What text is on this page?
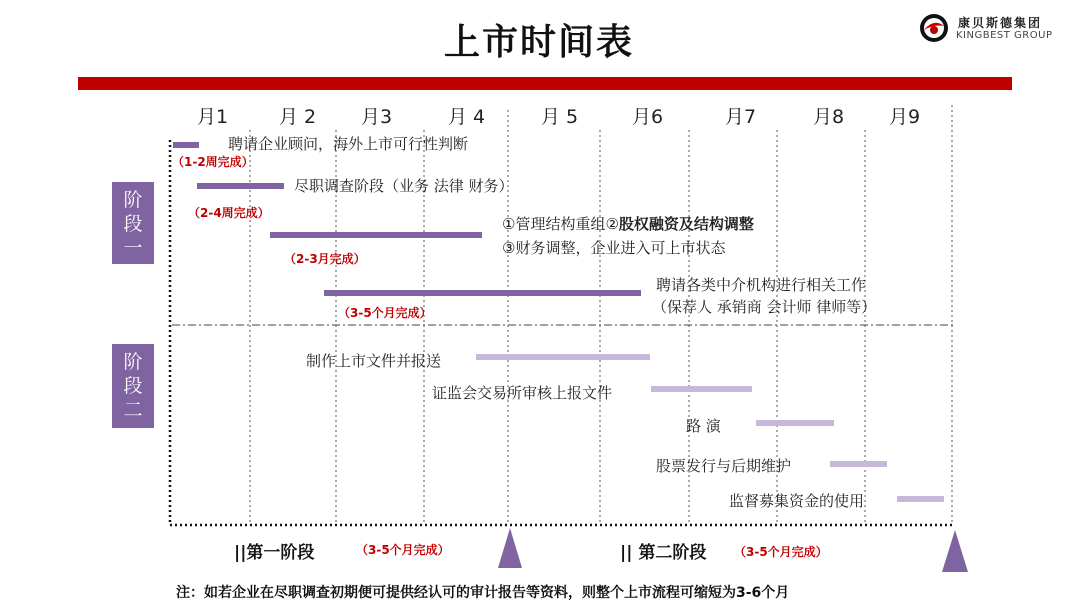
上市时间表	康贝斯德集团
KINGBEST GROUP
月1	月 2 月3	月 4	月 5	月6	月7	月8 月9
阶段一
阶段二
聘请企业顾问，海外上市可行性判断
（1-2周完成）
尽职调查阶段（业务 法律 财务）
（2-4周完成）
①管理结构重组②股权融资及结构调整
③财务调整，企业进入可上市状态
（2-3月完成）
聘请各类中介机构进行相关工作
（保荐人 承销商 会计师 律师等）
（3-5个月完成）
制作上市文件并报送
证监会交易所审核上报文件
路 演
股票发行与后期维护
监督募集资金的使用
||第一阶段	（3-5个月完成）	|| 第二阶段 （3-5个月完成）
注：如若企业在尽职调查初期便可提供经认可的审计报告等资料，则整个上市流程可缩短为3-6个月
